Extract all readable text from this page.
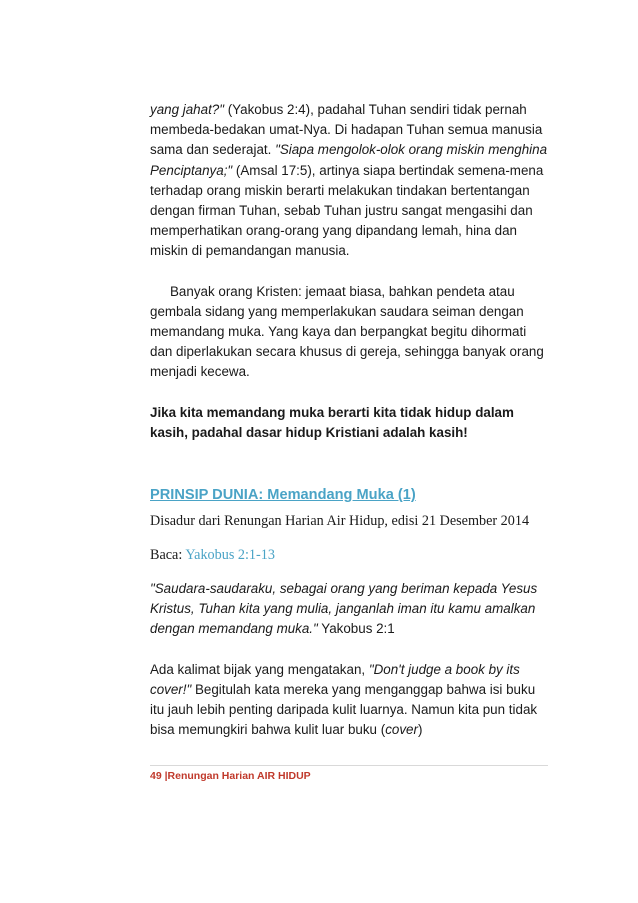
yang jahat?" (Yakobus 2:4), padahal Tuhan sendiri tidak pernah membeda-bedakan umat-Nya. Di hadapan Tuhan semua manusia sama dan sederajat. "Siapa mengolok-olok orang miskin menghina Penciptanya;" (Amsal 17:5), artinya siapa bertindak semena-mena terhadap orang miskin berarti melakukan tindakan bertentangan dengan firman Tuhan, sebab Tuhan justru sangat mengasihi dan memperhatikan orang-orang yang dipandang lemah, hina dan miskin di pemandangan manusia.

Banyak orang Kristen: jemaat biasa, bahkan pendeta atau gembala sidang yang memperlakukan saudara seiman dengan memandang muka. Yang kaya dan berpangkat begitu dihormati dan diperlakukan secara khusus di gereja, sehingga banyak orang menjadi kecewa.

Jika kita memandang muka berarti kita tidak hidup dalam kasih, padahal dasar hidup Kristiani adalah kasih!

PRINSIP DUNIA: Memandang Muka (1)

Disadur dari Renungan Harian Air Hidup, edisi 21 Desember 2014

Baca: Yakobus 2:1-13

"Saudara-saudaraku, sebagai orang yang beriman kepada Yesus Kristus, Tuhan kita yang mulia, janganlah iman itu kamu amalkan dengan memandang muka." Yakobus 2:1

Ada kalimat bijak yang mengatakan, "Don't judge a book by its cover!" Begitulah kata mereka yang menganggap bahwa isi buku itu jauh lebih penting daripada kulit luarnya. Namun kita pun tidak bisa memungkiri bahwa kulit luar buku (cover)

49 |Renungan Harian AIR HIDUP
